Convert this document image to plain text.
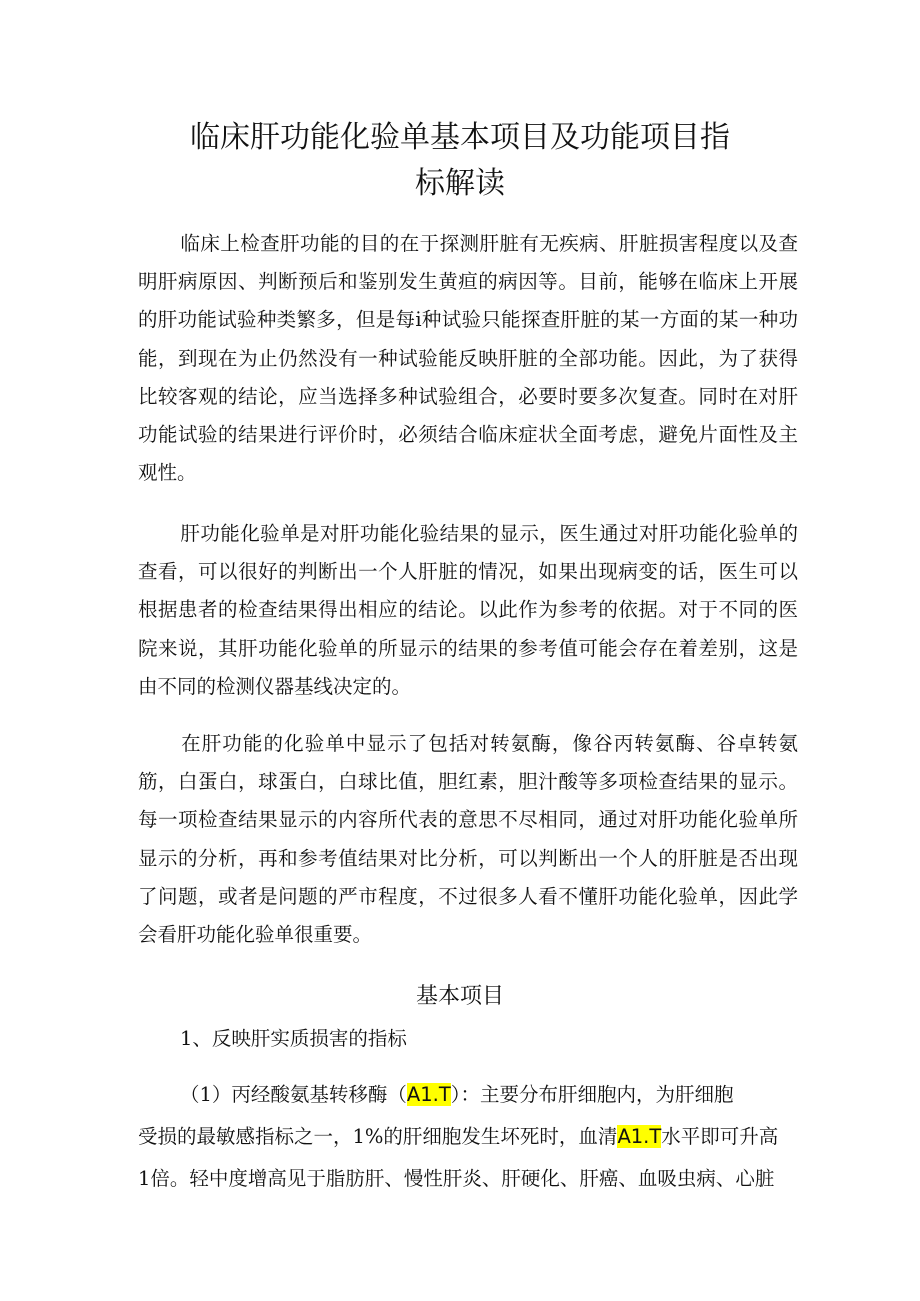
临床肝功能化验单基本项目及功能项目指
标解读

临床上检查肝功能的目的在于探测肝脏有无疾病、肝脏损害程度以及查明肝病原因、判断预后和鉴别发生黄疸的病因等。目前，能够在临床上开展的肝功能试验种类繁多，但是每i种试验只能探查肝脏的某一方面的某一种功能，到现在为止仍然没有一种试验能反映肝脏的全部功能。因此，为了获得比较客观的结论，应当选择多种试验组合，必要时要多次复查。同时在对肝功能试验的结果进行评价时，必须结合临床症状全面考虑，避免片面性及主观性。

肝功能化验单是对肝功能化验结果的显示，医生通过对肝功能化验单的查看，可以很好的判断出一个人肝脏的情况，如果出现病变的话，医生可以根据患者的检查结果得出相应的结论。以此作为参考的依据。对于不同的医院来说，其肝功能化验单的所显示的结果的参考值可能会存在着差别，这是由不同的检测仪器基线决定的。

在肝功能的化验单中显示了包括对转氨酶，像谷丙转氨酶、谷卓转氨筋，白蛋白，球蛋白，白球比值，胆红素，胆汁酸等多项检查结果的显示。每一项检查结果显示的内容所代表的意思不尽相同，通过对肝功能化验单所显示的分析，再和参考值结果对比分析，可以判断出一个人的肝脏是否出现了问题，或者是问题的严市程度，不过很多人看不懂肝功能化验单，因此学会看肝功能化验单很重要。

基本项目

1、反映肝实质损害的指标

（1）丙经酸氨基转移酶（A1.T）：主要分布肝细胞内，为肝细胞

受损的最敏感指标之一，1%的肝细胞发生坏死时，血清A1.T水平即可升高

1倍。轻中度增高见于脂肪肝、慢性肝炎、肝硬化、肝癌、血吸虫病、心脏
